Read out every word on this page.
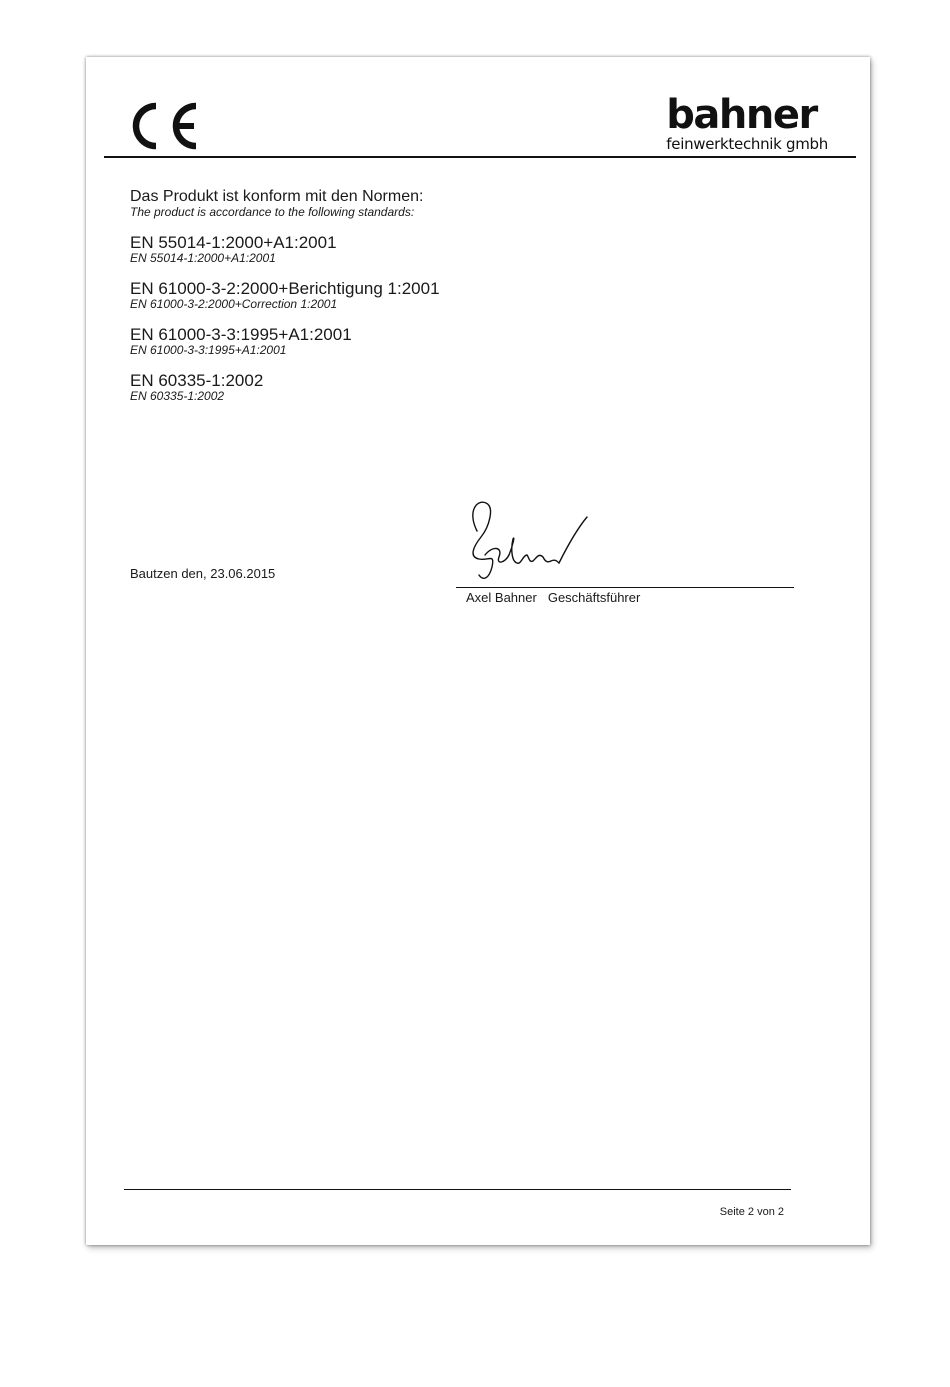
bahner
feinwerktechnik gmbh
Das Produkt ist konform mit den Normen:
The product is accordance to the following standards:
EN 55014-1:2000+A1:2001
EN 55014-1:2000+A1:2001
EN 61000-3-2:2000+Berichtigung 1:2001
EN 61000-3-2:2000+Correction 1:2001
EN 61000-3-3:1995+A1:2001
EN 61000-3-3:1995+A1:2001
EN 60335-1:2002
EN 60335-1:2002
Bautzen den, 23.06.2015
Axel Bahner Geschäftsführer
Seite 2 von 2
